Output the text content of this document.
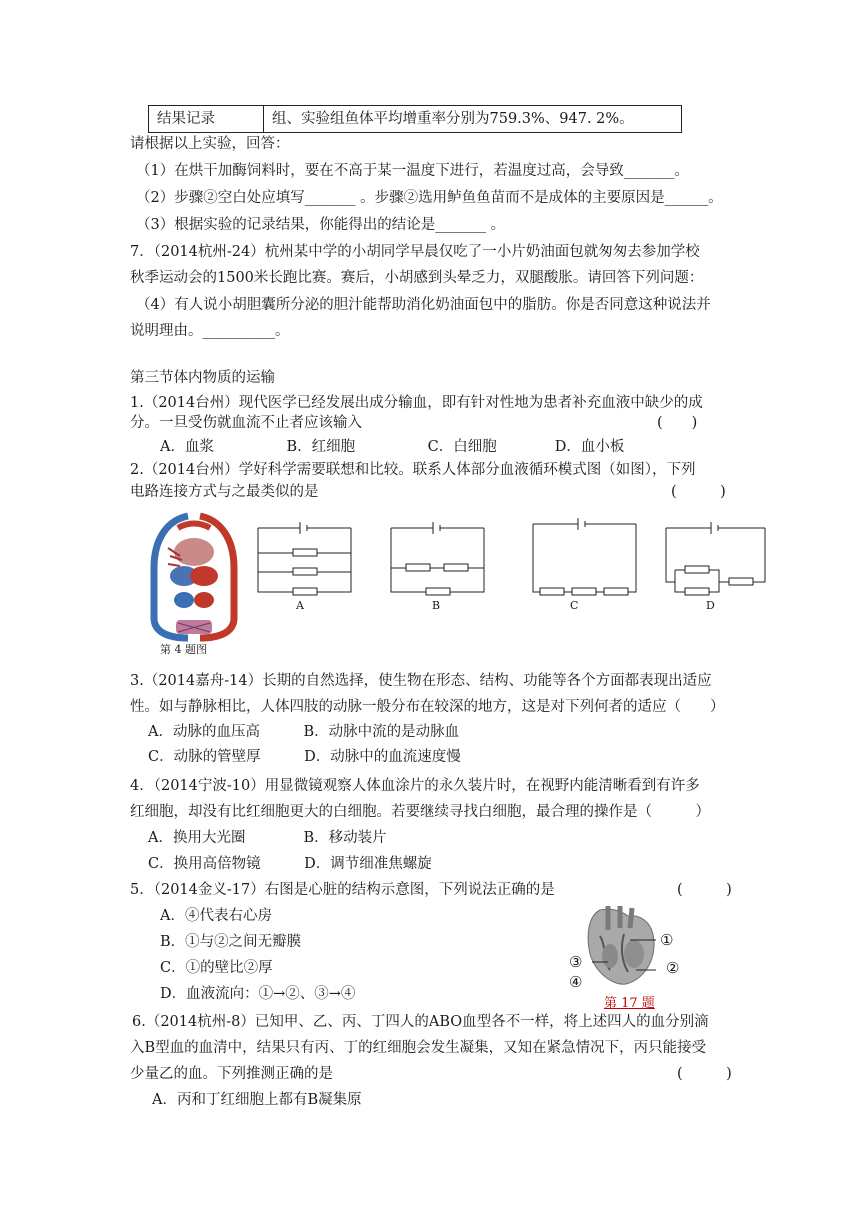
结果记录	组、实验组鱼体平均增重率分别为759.3%、947. 2%。
请根据以上实验，回答：
（1）在烘干加酶饲料时，要在不高于某一温度下进行，若温度过高，会导致_______。
（2）步骤②空白处应填写_______ 。步骤②选用鲈鱼鱼苗而不是成体的主要原因是______。
（3）根据实验的记录结果，你能得出的结论是_______ 。
7．（2014杭州-24）杭州某中学的小胡同学早晨仅吃了一小片奶油面包就匆匆去参加学校
秋季运动会的1500米长跑比赛。赛后，小胡感到头晕乏力，双腿酸胀。请回答下列问题：
（4）有人说小胡胆囊所分泌的胆汁能帮助消化奶油面包中的脂肪。你是否同意这种说法并
说明理由。__________。
第三节体内物质的运输
1.（2014台州）现代医学已经发展出成分输血，即有针对性地为患者补充血液中缺少的成
分。一旦受伤就血流不止者应该输入	(　　)
A．血浆　　　　　B．红细胞　　　　　C．白细胞　　　　D．血小板
2.（2014台州）学好科学需要联想和比较。联系人体部分血液循环模式图（如图），下列
电路连接方式与之最类似的是	(　　　)
第 4 题图
A	B	C	D
3.（2014嘉舟-14）长期的自然选择，使生物在形态、结构、功能等各个方面都表现出适应
性。如与静脉相比，人体四肢的动脉一般分布在较深的地方，这是对下列何者的适应（　　）
A．动脉的血压高　　　B．动脉中流的是动脉血
C．动脉的管壁厚　　　D．动脉中的血流速度慢
4．（2014宁波-10）用显微镜观察人体血涂片的永久装片时，在视野内能清晰看到有许多
红细胞，却没有比红细胞更大的白细胞。若要继续寻找白细胞，最合理的操作是（　　　）
A．换用大光圈　　　　B．移动装片
C．换用高倍物镜　　　D．调节细准焦螺旋
5．（2014金义-17）右图是心脏的结构示意图，下列说法正确的是	(　　　)
A．④代表右心房
B．①与②之间无瓣膜
C．①的壁比②厚
D．血液流向：①→②、③→④
①
②
③
④
第 17 题
6.（2014杭州-8）已知甲、乙、丙、丁四人的ABO血型各不一样，将上述四人的血分别滴
入B型血的血清中，结果只有丙、丁的红细胞会发生凝集，又知在紧急情况下，丙只能接受
少量乙的血。下列推测正确的是	(　　　)
A．丙和丁红细胞上都有B凝集原
